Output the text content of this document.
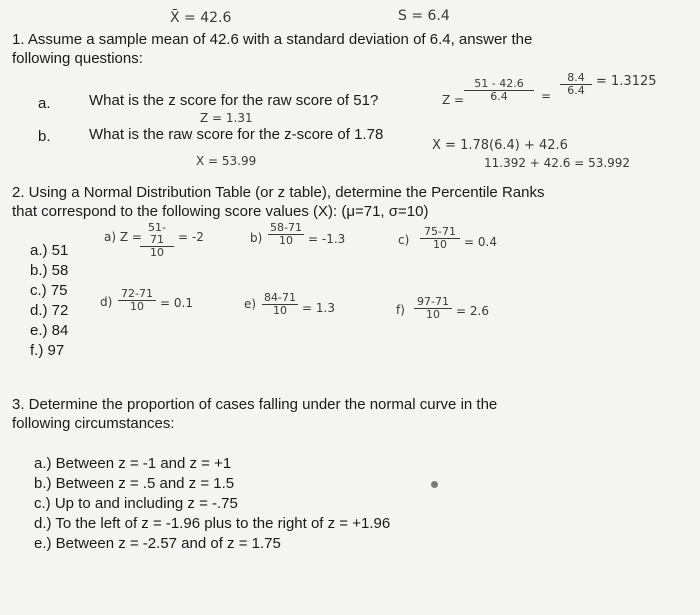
X̄ = 42.6	S = 6.4
1. Assume a sample mean of 42.6 with a standard deviation of 6.4, answer the
following questions:
a.	What is the z score for the raw score of 51?	$Z = \frac{51 - 42.6}{6.4} = \frac{8.4}{6.4} = 1.3125$
Z = 1.31
b.	What is the raw score for the z-score of 1.78
X = 1.78(6.4) + 42.6
11.392 + 42.6 = 53.992
X = 53.99
2. Using a Normal Distribution Table (or z table), determine the Percentile Ranks
that correspond to the following score values (X): (μ=71, σ=10)
a.) 51
b.) 58
c.) 75
d.) 72
e.) 84
f.) 97
a) Z =
$\frac{51-71}{10} = -2$	$b) \frac{58-71}{10} = -1.3$	$c) \frac{75-71}{10} = 0.4$
$d) \frac{72-71}{10} = 0.1$	$e) \frac{84-71}{10} = 1.3$	$f) \frac{97-71}{10} = 2.6$
3. Determine the proportion of cases falling under the normal curve in the
following circumstances:
a.) Between z = -1 and z = +1
b.) Between z = .5 and z = 1.5
c.) Up to and including z = -.75
d.) To the left of z = -1.96 plus to the right of z = +1.96
e.) Between z = -2.57 and of z = 1.75
